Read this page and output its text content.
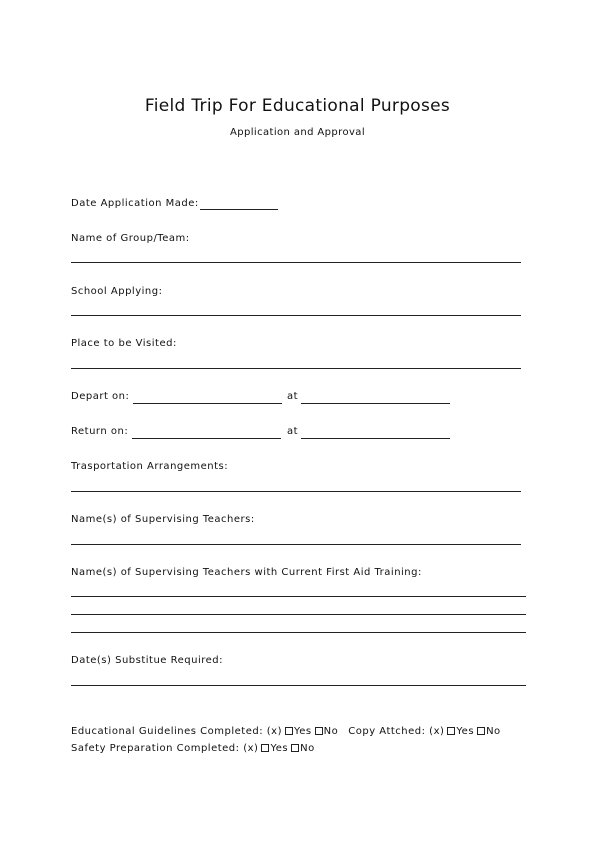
Field Trip For Educational Purposes
Application and Approval
Date Application Made:
Name of Group/Team:
School Applying:
Place to be Visited:
Depart on:	at
Return on:	at
Trasportation Arrangements:
Name(s) of Supervising Teachers:
Name(s) of Supervising Teachers with Current First Aid Training:
Date(s) Substitue Required:
Educational Guidelines Completed: (x) Yes No Copy Attched: (x) Yes No
Safety Preparation Completed: (x) Yes No
